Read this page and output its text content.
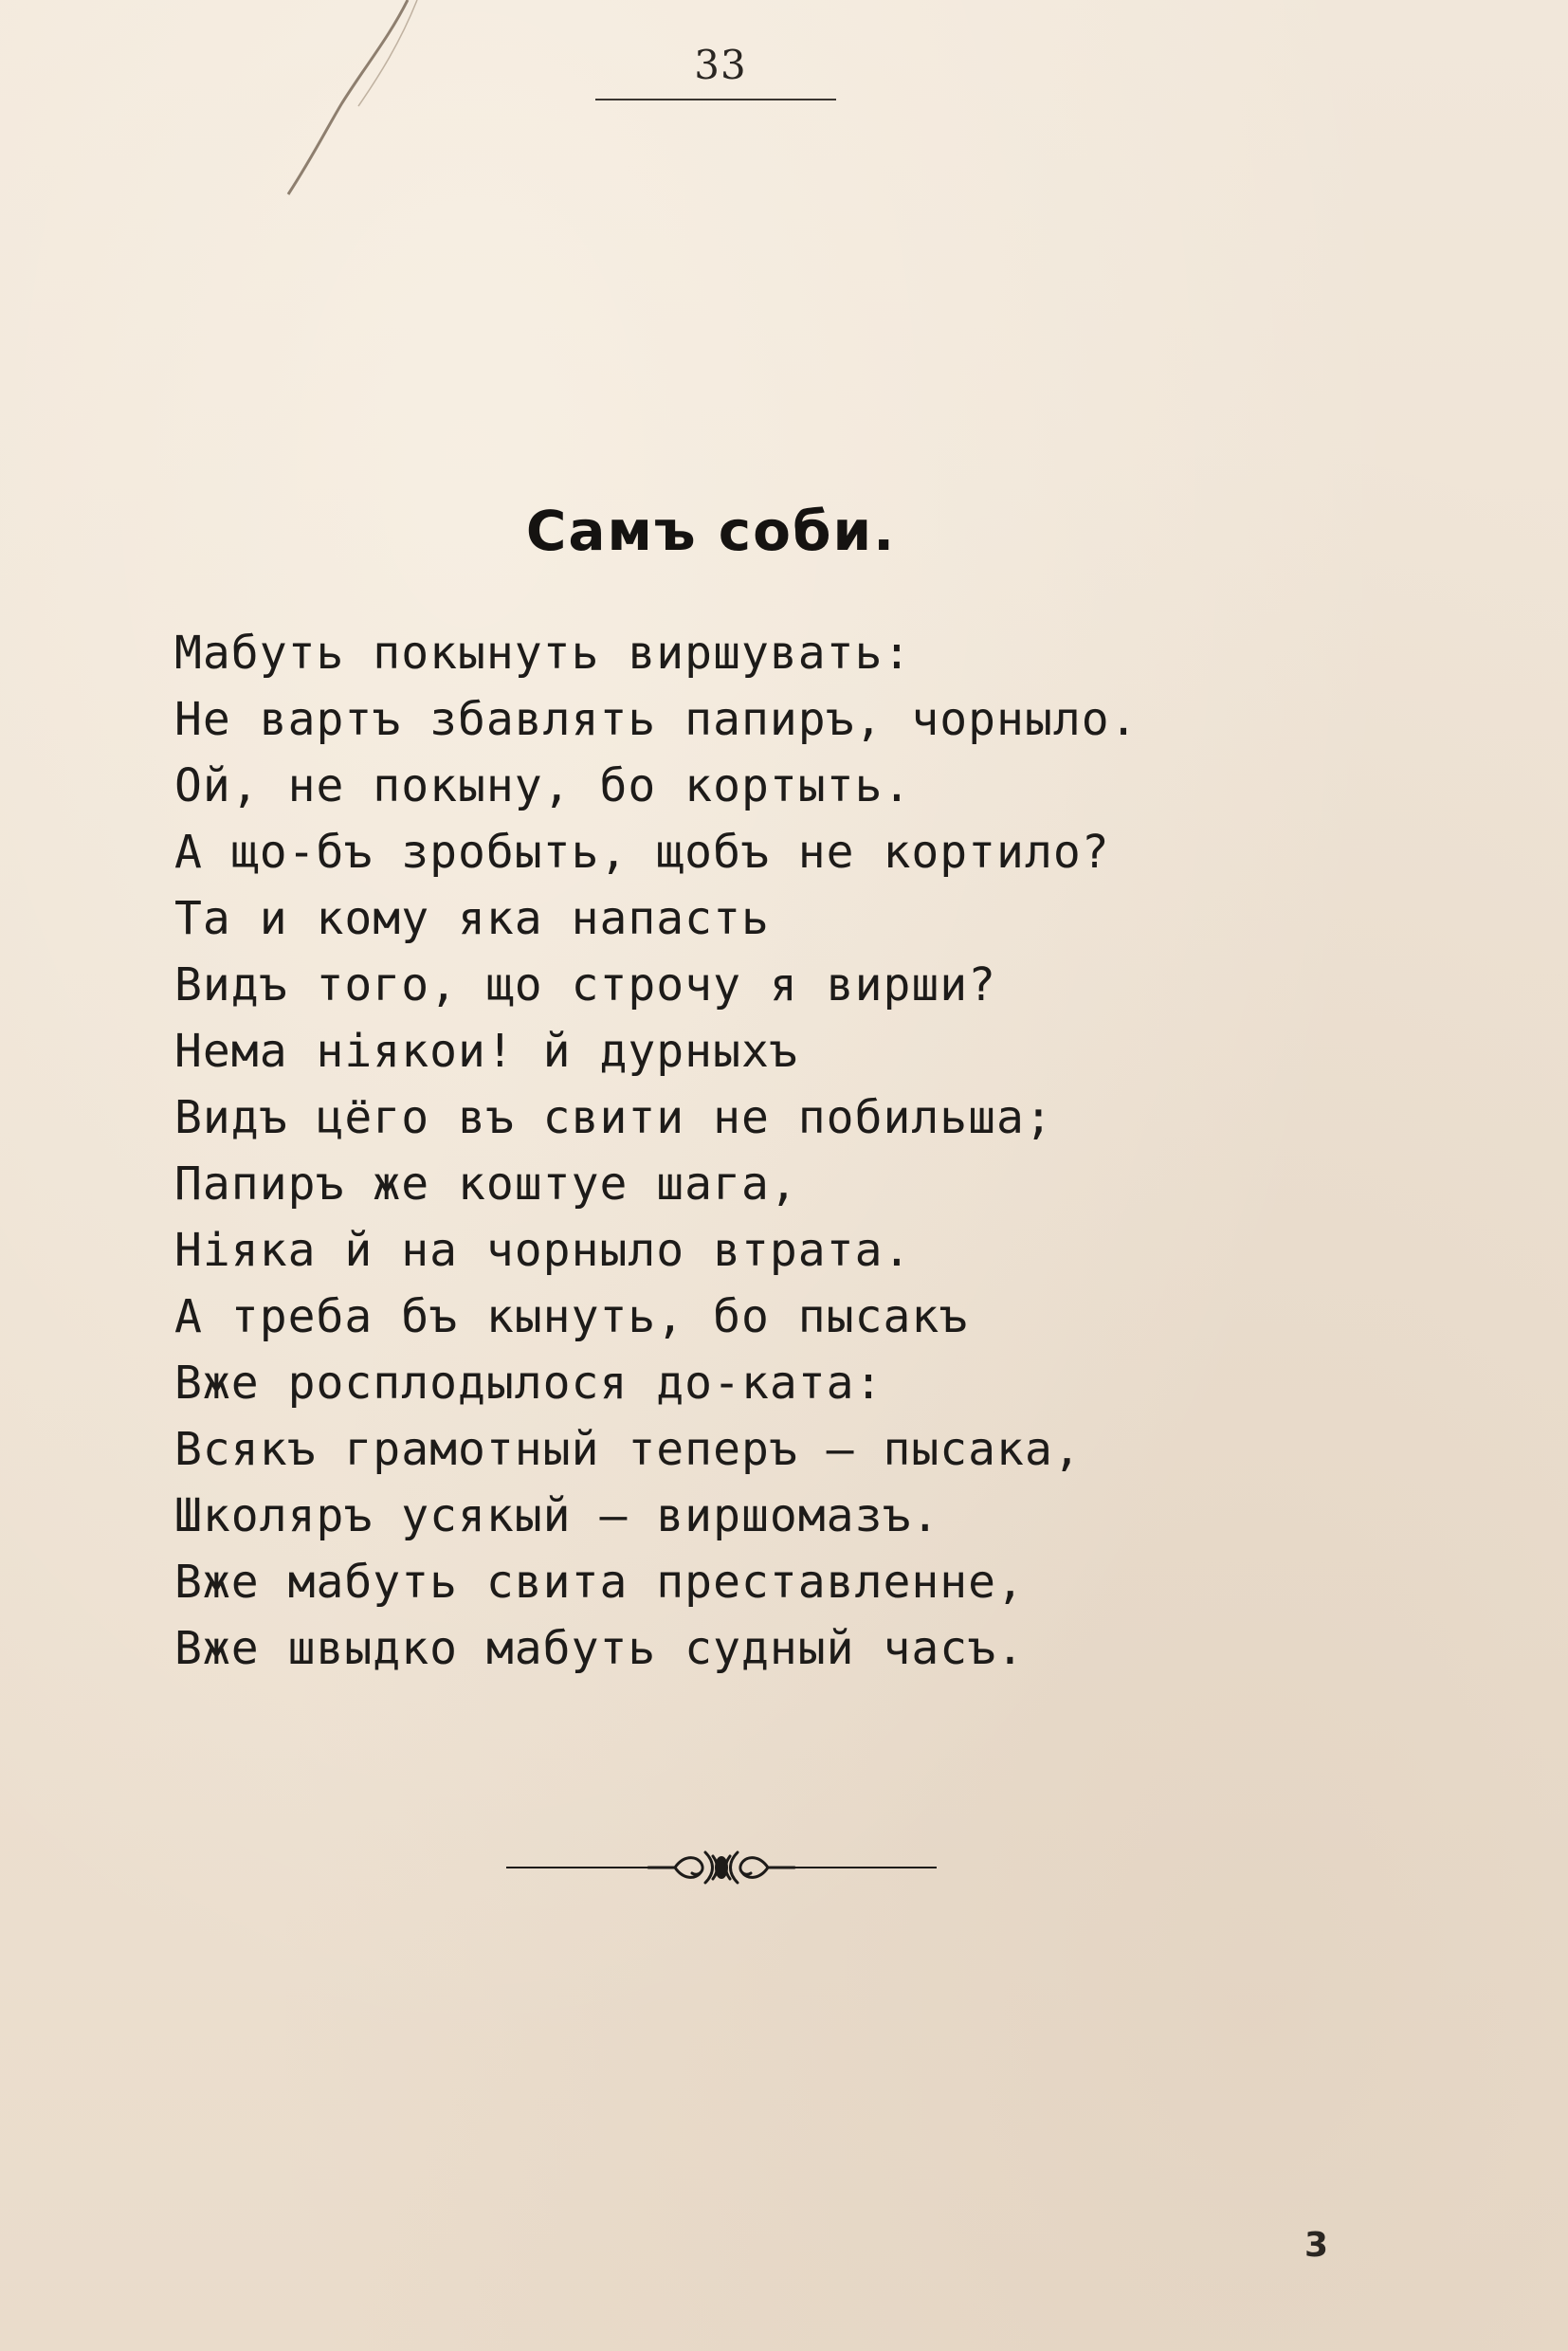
33
Самъ соби.
Мабуть покынуть виршувать:
Не вартъ збавлять папиръ, чорныло.
Ой, не покыну, бо кортыть.
А що-бъ зробыть, щобъ не кортило?
Та и кому яка напасть
Видъ того, що строчу я вирши?
Нема ніякои! й дурныхъ
Видъ цёго въ свити не побильша;
Папиръ же коштуе шага,
Ніяка й на чорныло втрата.
А треба бъ кынуть, бо пысакъ
Вже росплодылося до-ката:
Всякъ грамотный теперъ — пысака,
Школяръ усякый — виршомазъ.
Вже мабуть свита преставленне,
Вже швыдко мабуть судный часъ.
3
